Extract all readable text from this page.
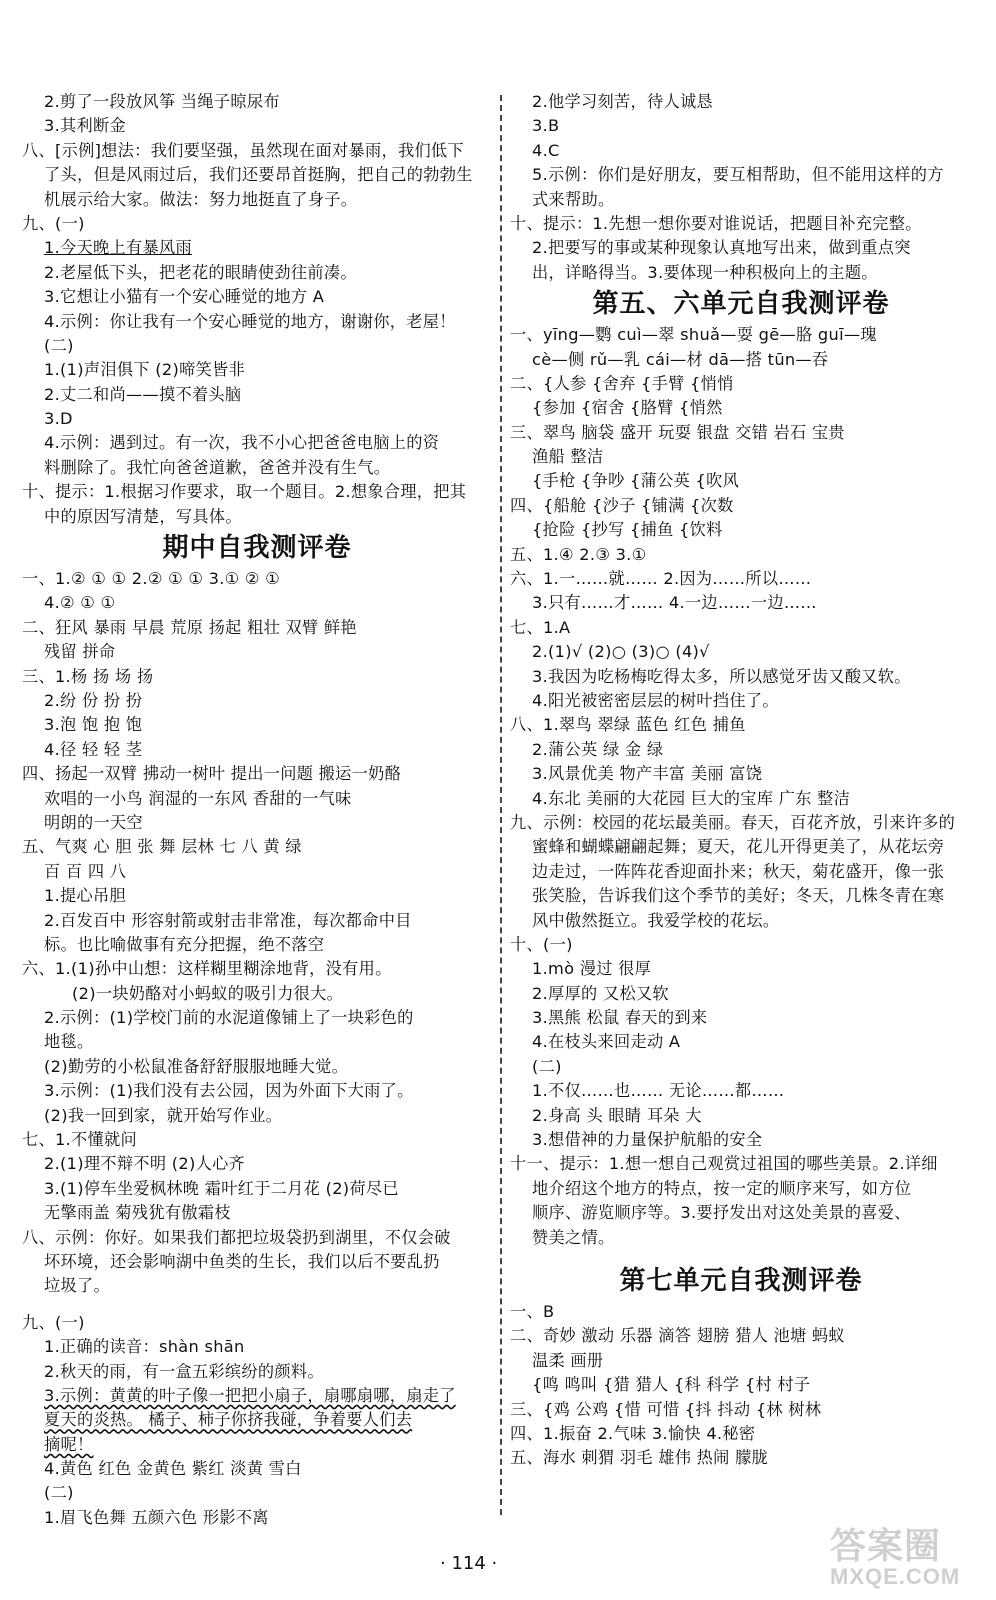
2.剪了一段放风筝 当绳子晾尿布
3.其利断金
八、[示例]想法：我们要坚强，虽然现在面对暴雨，我们低下
了头，但是风雨过后，我们还要昂首挺胸，把自己的勃勃生
机展示给大家。做法：努力地挺直了身子。
九、(一)
1.今天晚上有暴风雨
2.老屋低下头，把老花的眼睛使劲往前凑。
3.它想让小猫有一个安心睡觉的地方 A
4.示例：你让我有一个安心睡觉的地方，谢谢你，老屋！
(二)
1.(1)声泪俱下 (2)啼笑皆非
2.丈二和尚——摸不着头脑
3.D
4.示例：遇到过。有一次，我不小心把爸爸电脑上的资
料删除了。我忙向爸爸道歉，爸爸并没有生气。
十、提示：1.根据习作要求，取一个题目。2.想象合理，把其
中的原因写清楚，写具体。
期中自我测评卷
一、1.② ① ① 2.② ① ① 3.① ② ①
4.② ① ①
二、狂风 暴雨 早晨 荒原 扬起 粗壮 双臂 鲜艳
残留 拼命
三、1.杨 扬 场 扬
2.纷 份 扮 扮
3.泡 饱 抱 饱
4.径 轻 轻 茎
四、扬起一双臂 拂动一树叶 提出一问题 搬运一奶酪
欢唱的一小鸟 润湿的一东风 香甜的一气味
明朗的一天空
五、气爽 心 胆 张 舞 层林 七 八 黄 绿
百 百 四 八
1.提心吊胆
2.百发百中 形容射箭或射击非常准，每次都命中目
标。也比喻做事有充分把握，绝不落空
六、1.(1)孙中山想：这样糊里糊涂地背，没有用。
(2)一块奶酪对小蚂蚁的吸引力很大。
2.示例：(1)学校门前的水泥道像铺上了一块彩色的
地毯。
(2)勤劳的小松鼠准备舒舒服服地睡大觉。
3.示例：(1)我们没有去公园，因为外面下大雨了。
(2)我一回到家，就开始写作业。
七、1.不懂就问
2.(1)理不辩不明 (2)人心齐
3.(1)停车坐爱枫林晚 霜叶红于二月花 (2)荷尽已
无擎雨盖 菊残犹有傲霜枝
八、示例：你好。如果我们都把垃圾袋扔到湖里，不仅会破
坏环境，还会影响湖中鱼类的生长，我们以后不要乱扔
垃圾了。
九、(一)
1.正确的读音：shàn shān
2.秋天的雨，有一盒五彩缤纷的颜料。
3.示例：黄黄的叶子像一把把小扇子，扇哪扇哪，扇走了
夏天的炎热。 橘子、柿子你挤我碰，争着要人们去
摘呢！
4.黄色 红色 金黄色 紫红 淡黄 雪白
(二)
1.眉飞色舞 五颜六色 形影不离
2.他学习刻苦，待人诚恳
3.B
4.C
5.示例：你们是好朋友，要互相帮助，但不能用这样的方
式来帮助。
十、提示：1.先想一想你要对谁说话，把题目补充完整。
2.把要写的事或某种现象认真地写出来，做到重点突
出，详略得当。3.要体现一种积极向上的主题。
第五、六单元自我测评卷
一、yīng—鹦 cuì—翠 shuǎ—耍 gē—胳 guī—瑰
cè—侧 rǔ—乳 cái—材 dā—搭 tūn—吞
二、{人参 {舍弃 {手臂 {悄悄
{参加 {宿舍 {胳臂 {悄然
三、翠鸟 脑袋 盛开 玩耍 银盘 交错 岩石 宝贵
渔船 整洁
{手枪 {争吵 {蒲公英 {吹风
四、{船舱 {沙子 {铺满 {次数
{抢险 {抄写 {捕鱼 {饮料
五、1.④ 2.③ 3.①
六、1.一……就…… 2.因为……所以……
3.只有……才…… 4.一边……一边……
七、1.A
2.(1)√ (2)○ (3)○ (4)√
3.我因为吃杨梅吃得太多，所以感觉牙齿又酸又软。
4.阳光被密密层层的树叶挡住了。
八、1.翠鸟 翠绿 蓝色 红色 捕鱼
2.蒲公英 绿 金 绿
3.风景优美 物产丰富 美丽 富饶
4.东北 美丽的大花园 巨大的宝库 广东 整洁
九、示例：校园的花坛最美丽。春天，百花齐放，引来许多的
蜜蜂和蝴蝶翩翩起舞；夏天，花儿开得更美了，从花坛旁
边走过，一阵阵花香迎面扑来；秋天，菊花盛开，像一张
张笑脸，告诉我们这个季节的美好；冬天，几株冬青在寒
风中傲然挺立。我爱学校的花坛。
十、(一)
1.mò 漫过 很厚
2.厚厚的 又松又软
3.黑熊 松鼠 春天的到来
4.在枝头来回走动 A
(二)
1.不仅……也…… 无论……都……
2.身高 头 眼睛 耳朵 大
3.想借神的力量保护航船的安全
十一、提示：1.想一想自己观赏过祖国的哪些美景。2.详细
地介绍这个地方的特点，按一定的顺序来写，如方位
顺序、游览顺序等。3.要抒发出对这处美景的喜爱、
赞美之情。
第七单元自我测评卷
一、B
二、奇妙 激动 乐器 滴答 翅膀 猎人 池塘 蚂蚁
温柔 画册
{鸣 鸣叫 {猎 猎人 {科 科学 {村 村子
三、{鸡 公鸡 {惜 可惜 {抖 抖动 {林 树林
四、1.振奋 2.气味 3.愉快 4.秘密
五、海水 刺猬 羽毛 雄伟 热闹 朦胧
· 114 ·	答案圈
MXQE.COM
